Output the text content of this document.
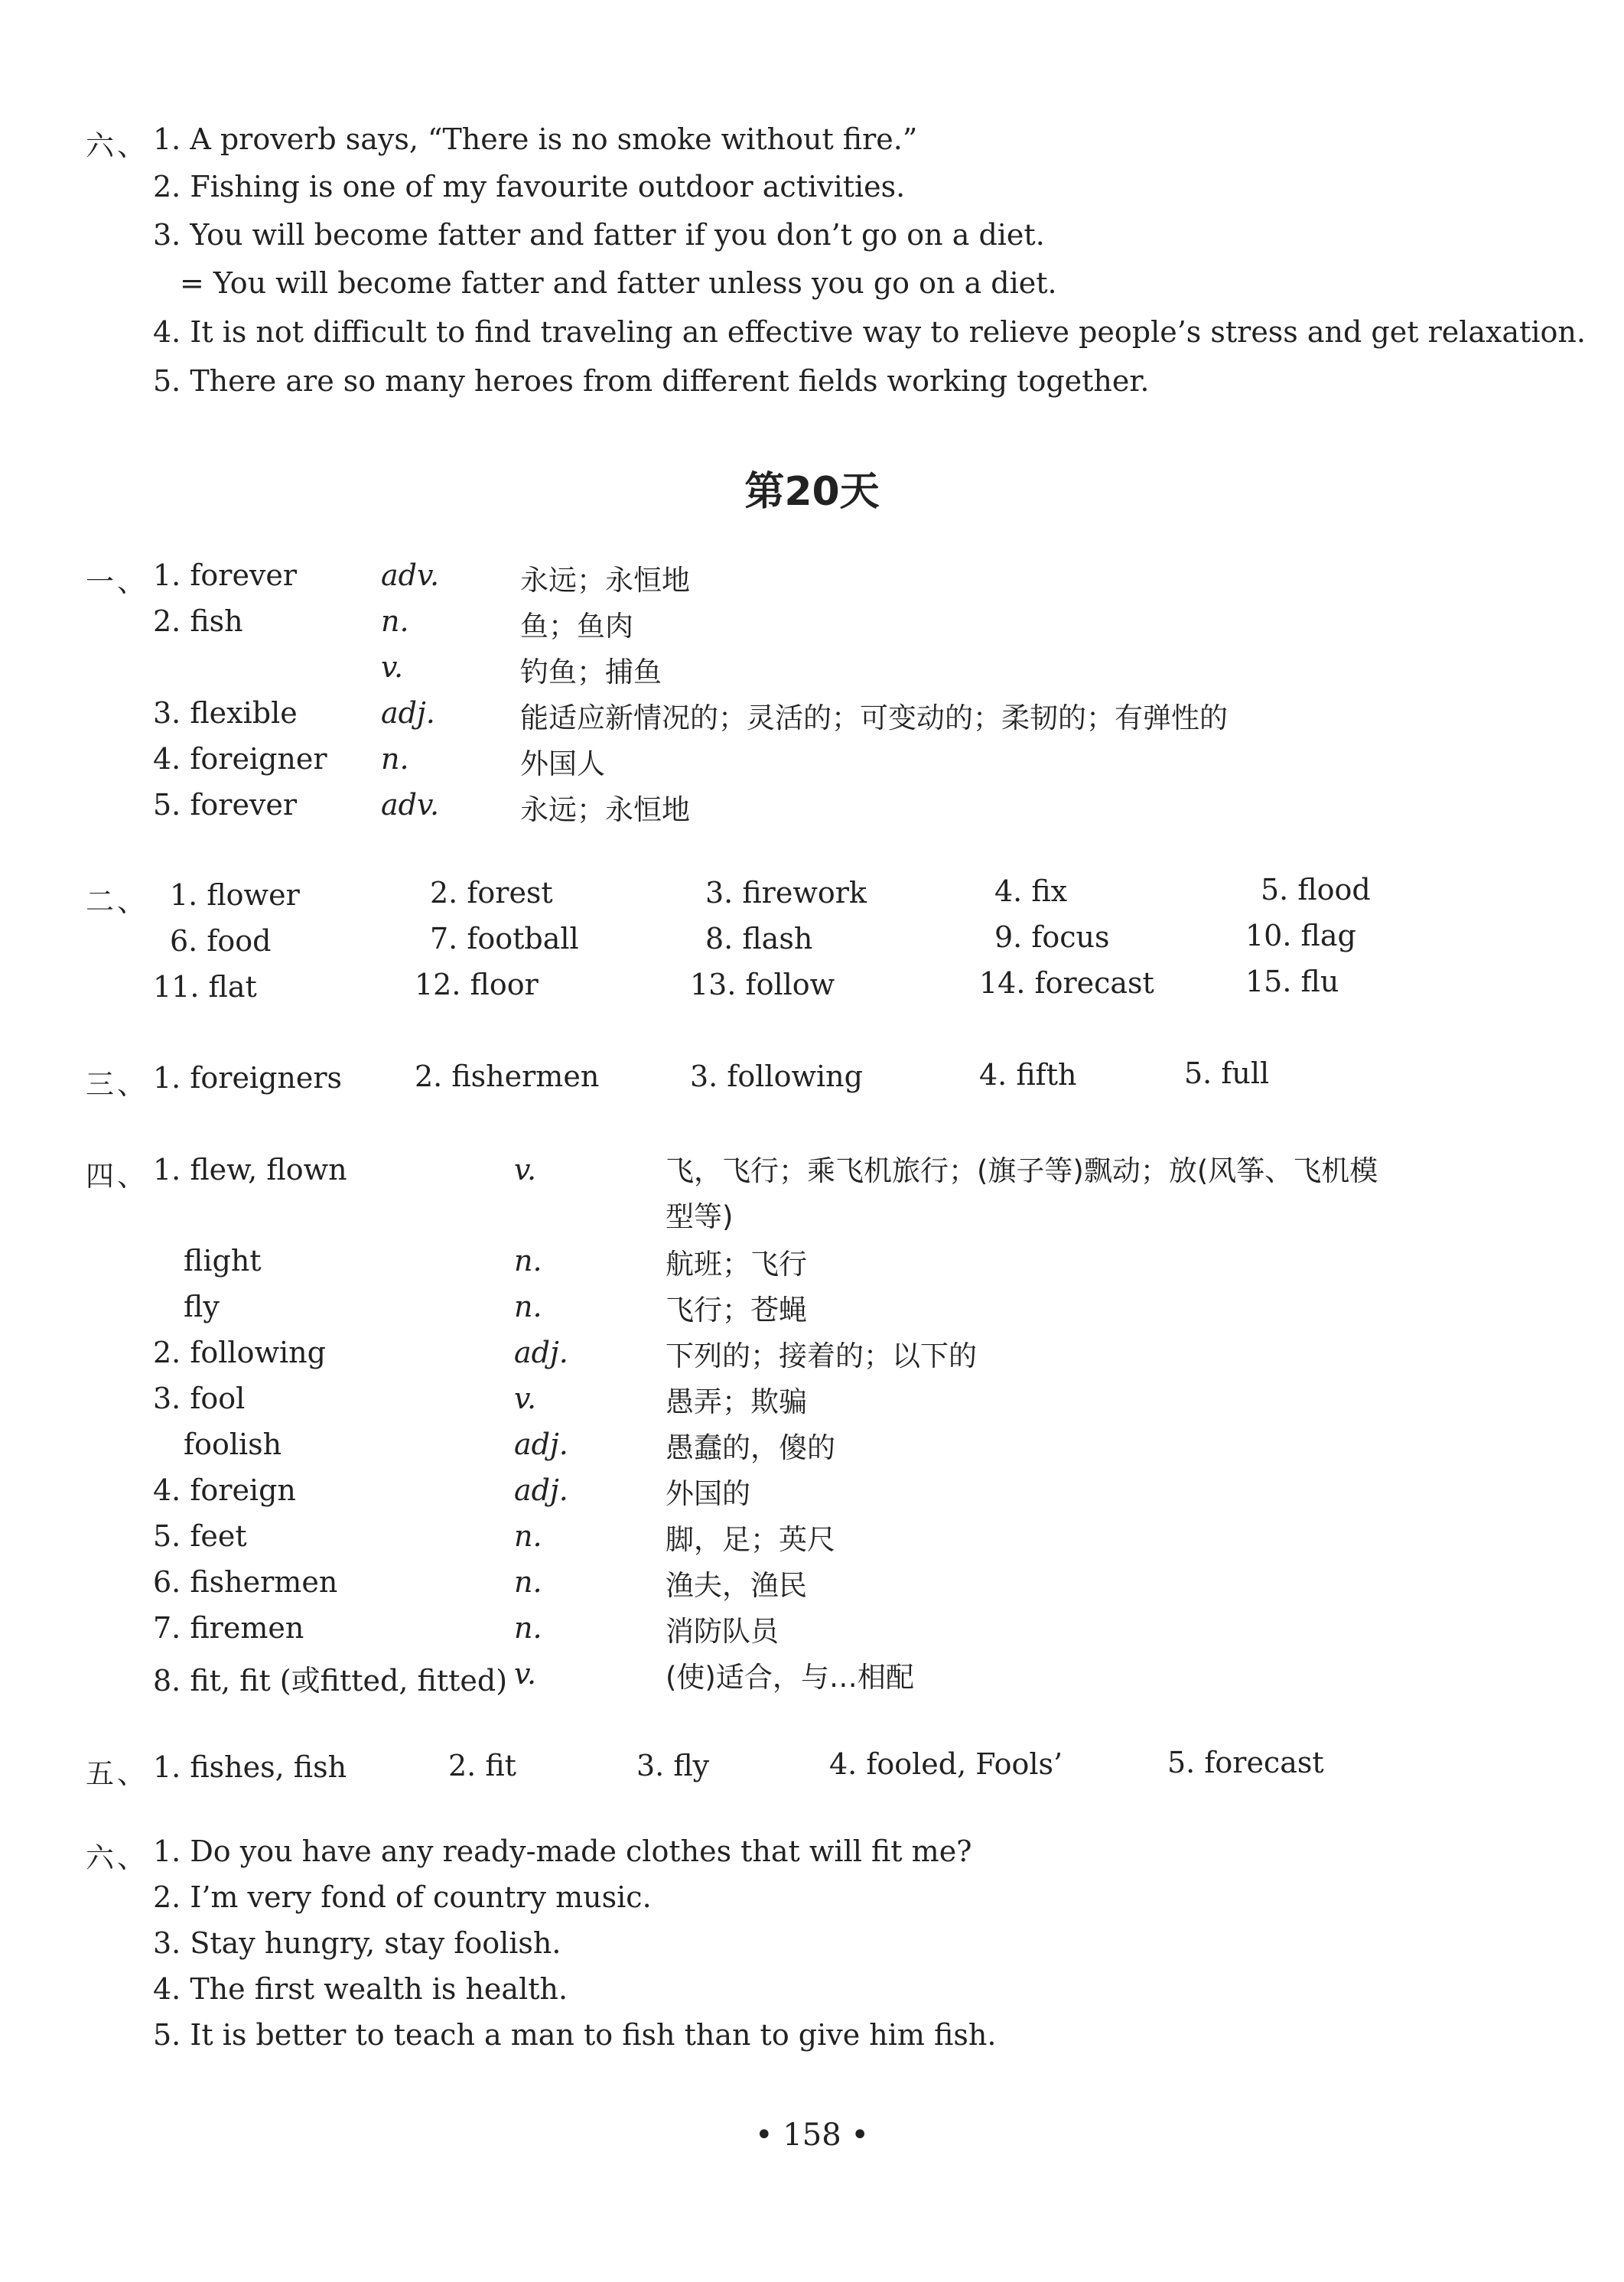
六、 1. A proverb says, “There is no smoke without fire.”
2. Fishing is one of my favourite outdoor activities.
3. You will become fatter and fatter if you don’t go on a diet.
= You will become fatter and fatter unless you go on a diet.
4. It is not difficult to find traveling an effective way to relieve people’s stress and get relaxation.
5. There are so many heroes from different fields working together.
第20天
一、 1. forever	adv.	永远；永恒地
2. fish	n.	鱼；鱼肉
v.	钓鱼；捕鱼
3. flexible	adj.	能适应新情况的；灵活的；可变动的；柔韧的；有弹性的
4. foreigner n.	外国人
5. forever	adv.	永远；永恒地
二、 1. flower	2. forest	3. firework	4. fix	5. flood
6. food	7. football	8. flash	9. focus	10. flag
11. flat	12. floor	13. follow	14. forecast	15. flu
三、 1. foreigners 2. fishermen	3. following	4. fifth	5. full
四、 1. flew, flown	v.	飞，飞行；乘飞机旅行；(旗子等)飘动；放(风筝、飞机模
型等)
flight	n.	航班；飞行
fly	n.	飞行；苍蝇
2. following	adj.	下列的；接着的；以下的
3. fool	v.	愚弄；欺骗
foolish	adj.	愚蠢的，傻的
4. foreign	adj.	外国的
5. feet	n.	脚，足；英尺
6. fishermen	n.	渔夫，渔民
7. firemen	n.	消防队员
8. fit, fit (或fitted, fitted) v.	(使)适合，与…相配
五、 1. fishes, fish	2. fit	3. fly	4. fooled, Fools’	5. forecast
六、 1. Do you have any ready-made clothes that will fit me?
2. I’m very fond of country music.
3. Stay hungry, stay foolish.
4. The first wealth is health.
5. It is better to teach a man to fish than to give him fish.
• 158 •
